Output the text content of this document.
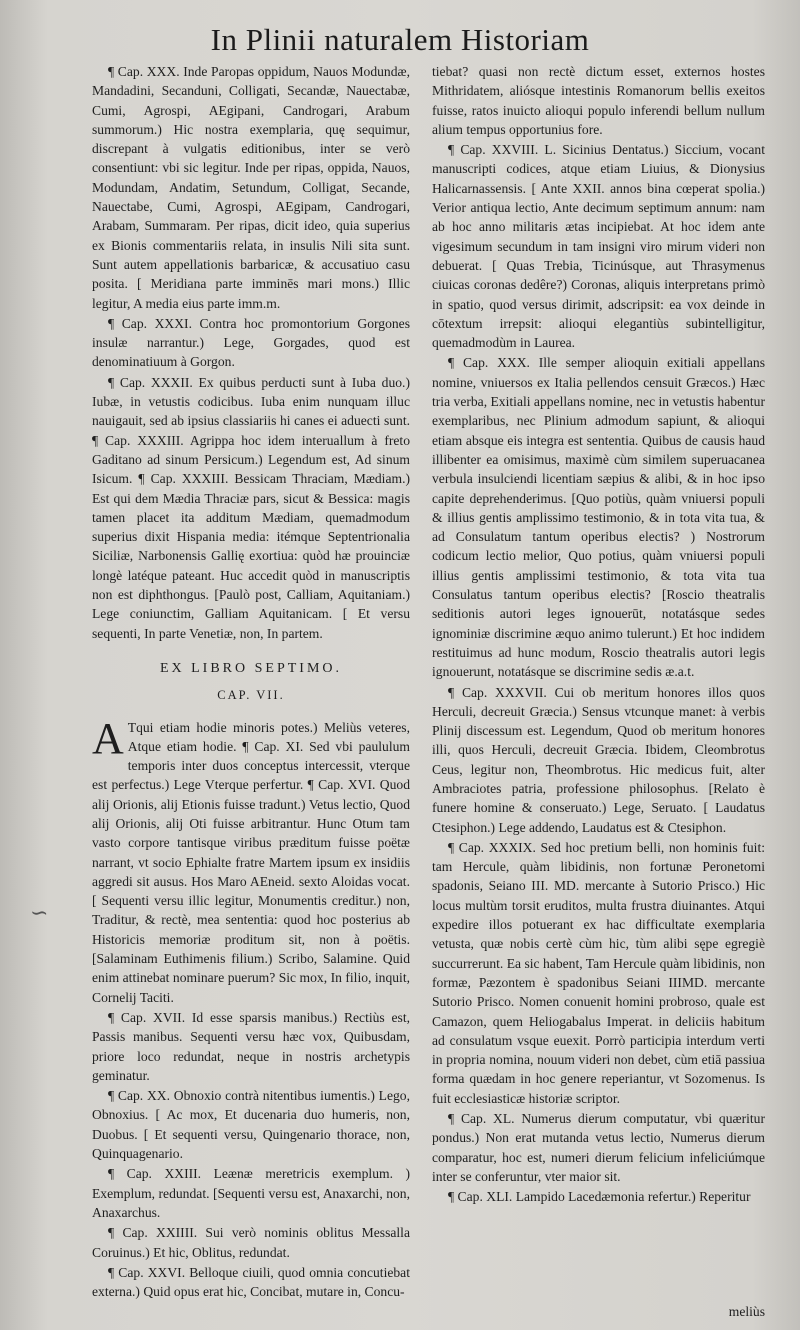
In Plinii naturalem Historiam
∽

¶ Cap. XXX. Inde Paropas oppidum, Nauos Modundæ, Mandadini, Secanduni, Colligati, Secandæ, Nauectabæ, Cumi, Agrospi, AEgipani, Candrogari, Arabum summorum.) Hic nostra exemplaria, quę sequimur, discrepant à vulgatis editionibus, inter se verò consentiunt: vbi sic legitur. Inde per ripas, oppida, Nauos, Modundam, Andatim, Setundum, Colligat, Secande, Nauectabe, Cumi, Agrospi, AEgipam, Candrogari, Arabam, Summaram. Per ripas, dicit ideo, quia superius ex Bionis commentariis relata, in insulis Nili sita sunt. Sunt autem appellationis barbaricæ, & accusatiuo casu posita. [ Meridiana parte imminēs mari mons.) Illic legitur, A media eius parte imm.m.

¶ Cap. XXXI. Contra hoc promontorium Gorgones insulæ narrantur.) Lege, Gorgades, quod est denominatiuum à Gorgon.

¶ Cap. XXXII. Ex quibus perducti sunt à Iuba duo.) Iubæ, in vetustis codicibus. Iuba enim nunquam illuc nauigauit, sed ab ipsius classiariis hi canes ei aduecti sunt. ¶ Cap. XXXIII. Agrippa hoc idem interuallum à freto Gaditano ad sinum Persicum.) Legendum est, Ad sinum Isicum. ¶ Cap. XXXIII. Bessicam Thraciam, Mædiam.) Est qui dem Mædia Thraciæ pars, sicut & Bessica: magis tamen placet ita additum Mædiam, quemadmodum superius dixit Hispania media: itémque Septentrionalia Siciliæ, Narbonensis Gallię exortiua: quòd hæ prouinciæ longè latéque pateant. Huc accedit quòd in manuscriptis non est diphthongus. [Paulò post, Calliam, Aquitaniam.) Lege coniunctim, Galliam Aquitanicam. [ Et versu sequenti, In parte Venetiæ, non, In partem.

EX LIBRO SEPTIMO.
CAP. VII.

A Tqui etiam hodie minoris potes.) Meliùs veteres, Atque etiam hodie. ¶ Cap. XI. Sed vbi paululum temporis inter duos conceptus intercessit, vterque est perfectus.) Lege Vterque perfertur. ¶ Cap. XVI. Quod alij Orionis, alij Etionis fuisse tradunt.) Vetus lectio, Quod alij Orionis, alij Oti fuisse arbitrantur. Hunc Otum tam vasto corpore tantisque viribus præditum fuisse poëtæ narrant, vt socio Ephialte fratre Martem ipsum ex insidiis aggredi sit ausus. Hos Maro AEneid. sexto Aloidas vocat. [ Sequenti versu illic legitur, Monumentis creditur.) non, Traditur, & rectè, mea sententia: quod hoc posterius ab Historicis memoriæ proditum sit, non à poëtis. [Salaminam Euthimenis filium.) Scribo, Salamine. Quid enim attinebat nominare puerum? Sic mox, In filio, inquit, Cornelij Taciti.

¶ Cap. XVII. Id esse sparsis manibus.) Rectiùs est, Passis manibus. Sequenti versu hæc vox, Quibusdam, priore loco redundat, neque in nostris archetypis geminatur.

¶ Cap. XX. Obnoxio contrà nitentibus iumentis.) Lego, Obnoxius. [ Ac mox, Et ducenaria duo humeris, non, Duobus. [ Et sequenti versu, Quingenario thorace, non, Quinquagenario.

¶ Cap. XXIII. Leænæ meretricis exemplum. ) Exemplum, redundat. [Sequenti versu est, Anaxarchi, non, Anaxarchus.

¶ Cap. XXIIII. Sui verò nominis oblitus Messalla Coruinus.) Et hic, Oblitus, redundat.

¶ Cap. XXVI. Belloque ciuili, quod omnia concutiebat externa.) Quid opus erat hic, Concibat, mutare in, Concu-

tiebat? quasi non rectè dictum esset, externos hostes Mithridatem, aliósque intestinis Romanorum bellis exeitos fuisse, ratos inuicto alioqui populo inferendi bellum nullum alium tempus opportunius fore.

¶ Cap. XXVIII. L. Sicinius Dentatus.) Siccium, vocant manuscripti codices, atque etiam Liuius, & Dionysius Halicarnassensis. [ Ante XXII. annos bina cœperat spolia.) Verior antiqua lectio, Ante decimum septimum annum: nam ab hoc anno militaris ætas incipiebat. At hoc idem ante vigesimum secundum in tam insigni viro mirum videri non debuerat. [ Quas Trebia, Ticinúsque, aut Thrasymenus ciuicas coronas dedêre?) Coronas, aliquis interpretans primò in spatio, quod versus dirimit, adscripsit: ea vox deinde in cōtextum irrepsit: alioqui elegantiùs subintelligitur, quemadmodùm in Laurea.

¶ Cap. XXX. Ille semper alioquin exitiali appellans nomine, vniuersos ex Italia pellendos censuit Græcos.) Hæc tria verba, Exitiali appellans nomine, nec in vetustis habentur exemplaribus, nec Plinium admodum sapiunt, & alioqui etiam absque eis integra est sententia. Quibus de causis haud illibenter ea omisimus, maximè cùm similem superuacanea verbula insulciendi licentiam sæpius & alibi, & in hoc ipso capite deprehenderimus. [Quo potiùs, quàm vniuersi populi & illius gentis amplissimo testimonio, & in tota vita tua, & ad Consulatum tantum operibus electis? ) Nostrorum codicum lectio melior, Quo potius, quàm vniuersi populi illius gentis amplissimi testimonio, & tota vita tua Consulatus tantum operibus electis? [Roscio theatralis seditionis autori leges ignouerūt, notatásque sedes ignominiæ discrimine æquo animo tulerunt.) Et hoc indidem restituimus ad hunc modum, Roscio theatralis autori legis ignouerunt, notatásque se discrimine sedis æ.a.t.

¶ Cap. XXXVII. Cui ob meritum honores illos quos Herculi, decreuit Græcia.) Sensus vtcunque manet: à verbis Plinij discessum est. Legendum, Quod ob meritum honores illi, quos Herculi, decreuit Græcia. Ibidem, Cleombrotus Ceus, legitur non, Theombrotus. Hic medicus fuit, alter Ambraciotes patria, professione philosophus. [Relato è funere homine & conseruato.) Lege, Seruato. [ Laudatus Ctesiphon.) Lege addendo, Laudatus est & Ctesiphon.

¶ Cap. XXXIX. Sed hoc pretium belli, non hominis fuit: tam Hercule, quàm libidinis, non fortunæ Peronetomi spadonis, Seiano III. MD. mercante à Sutorio Prisco.) Hic locus multùm torsit eruditos, multa frustra diuinantes. Atqui expedire illos potuerant ex hac difficultate exemplaria vetusta, quæ nobis certè cùm hic, tùm alibi sępe egregiè succurrerunt. Ea sic habent, Tam Hercule quàm libidinis, non formæ, Pæzontem è spadonibus Seiani IIIMD. mercante Sutorio Prisco. Nomen conuenit homini probroso, quale est Camazon, quem Heliogabalus Imperat. in deliciis habitum ad consulatum vsque euexit. Porrò participia interdum verti in propria nomina, nouum videri non debet, cùm etiā passiua forma quædam in hoc genere reperiantur, vt Sozomenus. Is fuit ecclesiasticæ historiæ scriptor.

¶ Cap. XL. Numerus dierum computatur, vbi quæritur pondus.) Non erat mutanda vetus lectio, Numerus dierum comparatur, hoc est, numeri dierum felicium infeliciúmque inter se conferuntur, vter maior sit.

¶ Cap. XLI. Lampido Lacedæmonia refertur.) Reperitur

meliùs
